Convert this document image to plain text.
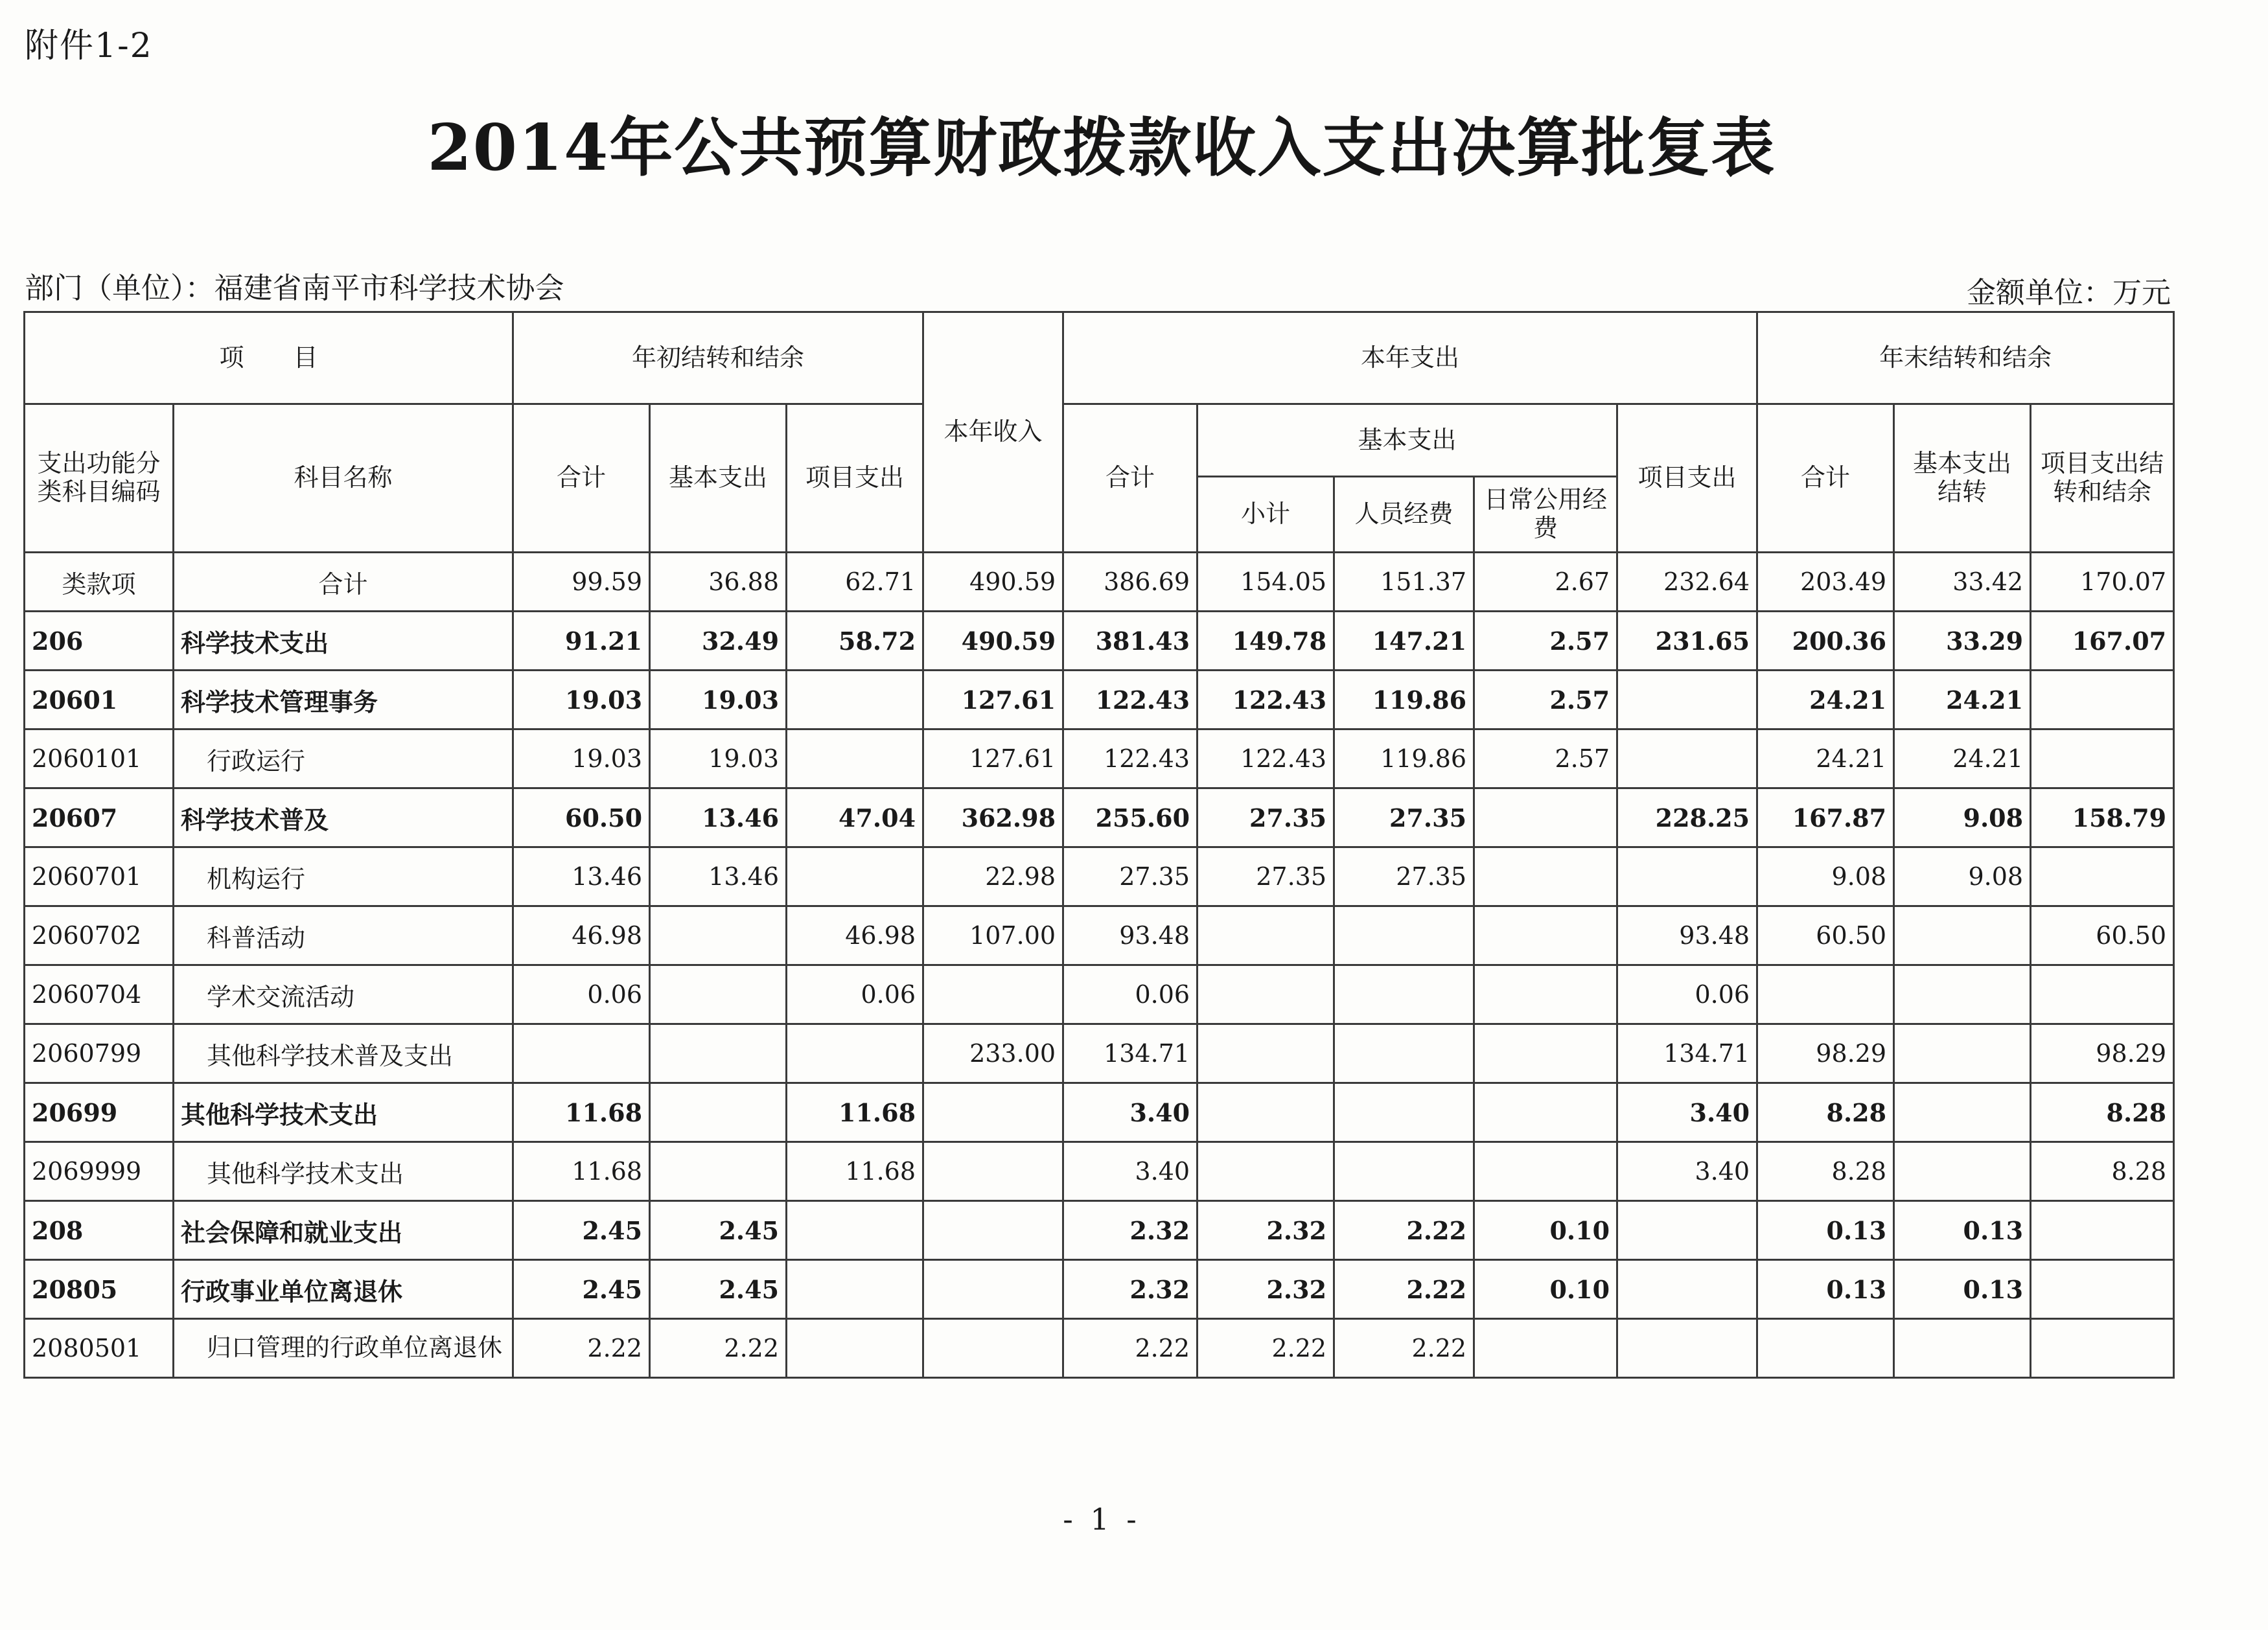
附件1-2
2014年公共预算财政拨款收入支出决算批复表
部门（单位）：福建省南平市科学技术协会	金额单位：万元
项　　目		年初结转和结余			本年收入	本年支出					年末结转和结余		
支出功能分类科目编码	科目名称	合计	基本支出	项目支出		合计	基本支出			项目支出	合计	基本支出结转	项目支出结转和结余
							小计	人员经费	日常公用经费				
类款项	合计	99.59	36.88	62.71	490.59	386.69	154.05	151.37	2.67	232.64	203.49	33.42	170.07
206	科学技术支出	91.21	32.49	58.72	490.59	381.43	149.78	147.21	2.57	231.65	200.36	33.29	167.07
20601	科学技术管理事务	19.03	19.03		127.61	122.43	122.43	119.86	2.57		24.21	24.21	
2060101	行政运行	19.03	19.03		127.61	122.43	122.43	119.86	2.57		24.21	24.21	
20607	科学技术普及	60.50	13.46	47.04	362.98	255.60	27.35	27.35		228.25	167.87	9.08	158.79
2060701	机构运行	13.46	13.46		22.98	27.35	27.35	27.35			9.08	9.08	
2060702	科普活动	46.98		46.98	107.00	93.48				93.48	60.50		60.50
2060704	学术交流活动	0.06		0.06		0.06				0.06			
2060799	其他科学技术普及支出				233.00	134.71				134.71	98.29		98.29
20699	其他科学技术支出	11.68		11.68		3.40				3.40	8.28		8.28
2069999	其他科学技术支出	11.68		11.68		3.40				3.40	8.28		8.28
208	社会保障和就业支出	2.45	2.45			2.32	2.32	2.22	0.10		0.13	0.13	
20805	行政事业单位离退休	2.45	2.45			2.32	2.32	2.22	0.10		0.13	0.13	
2080501	归口管理的行政单位离退休	2.22	2.22			2.22	2.22	2.22					
- 1 -
